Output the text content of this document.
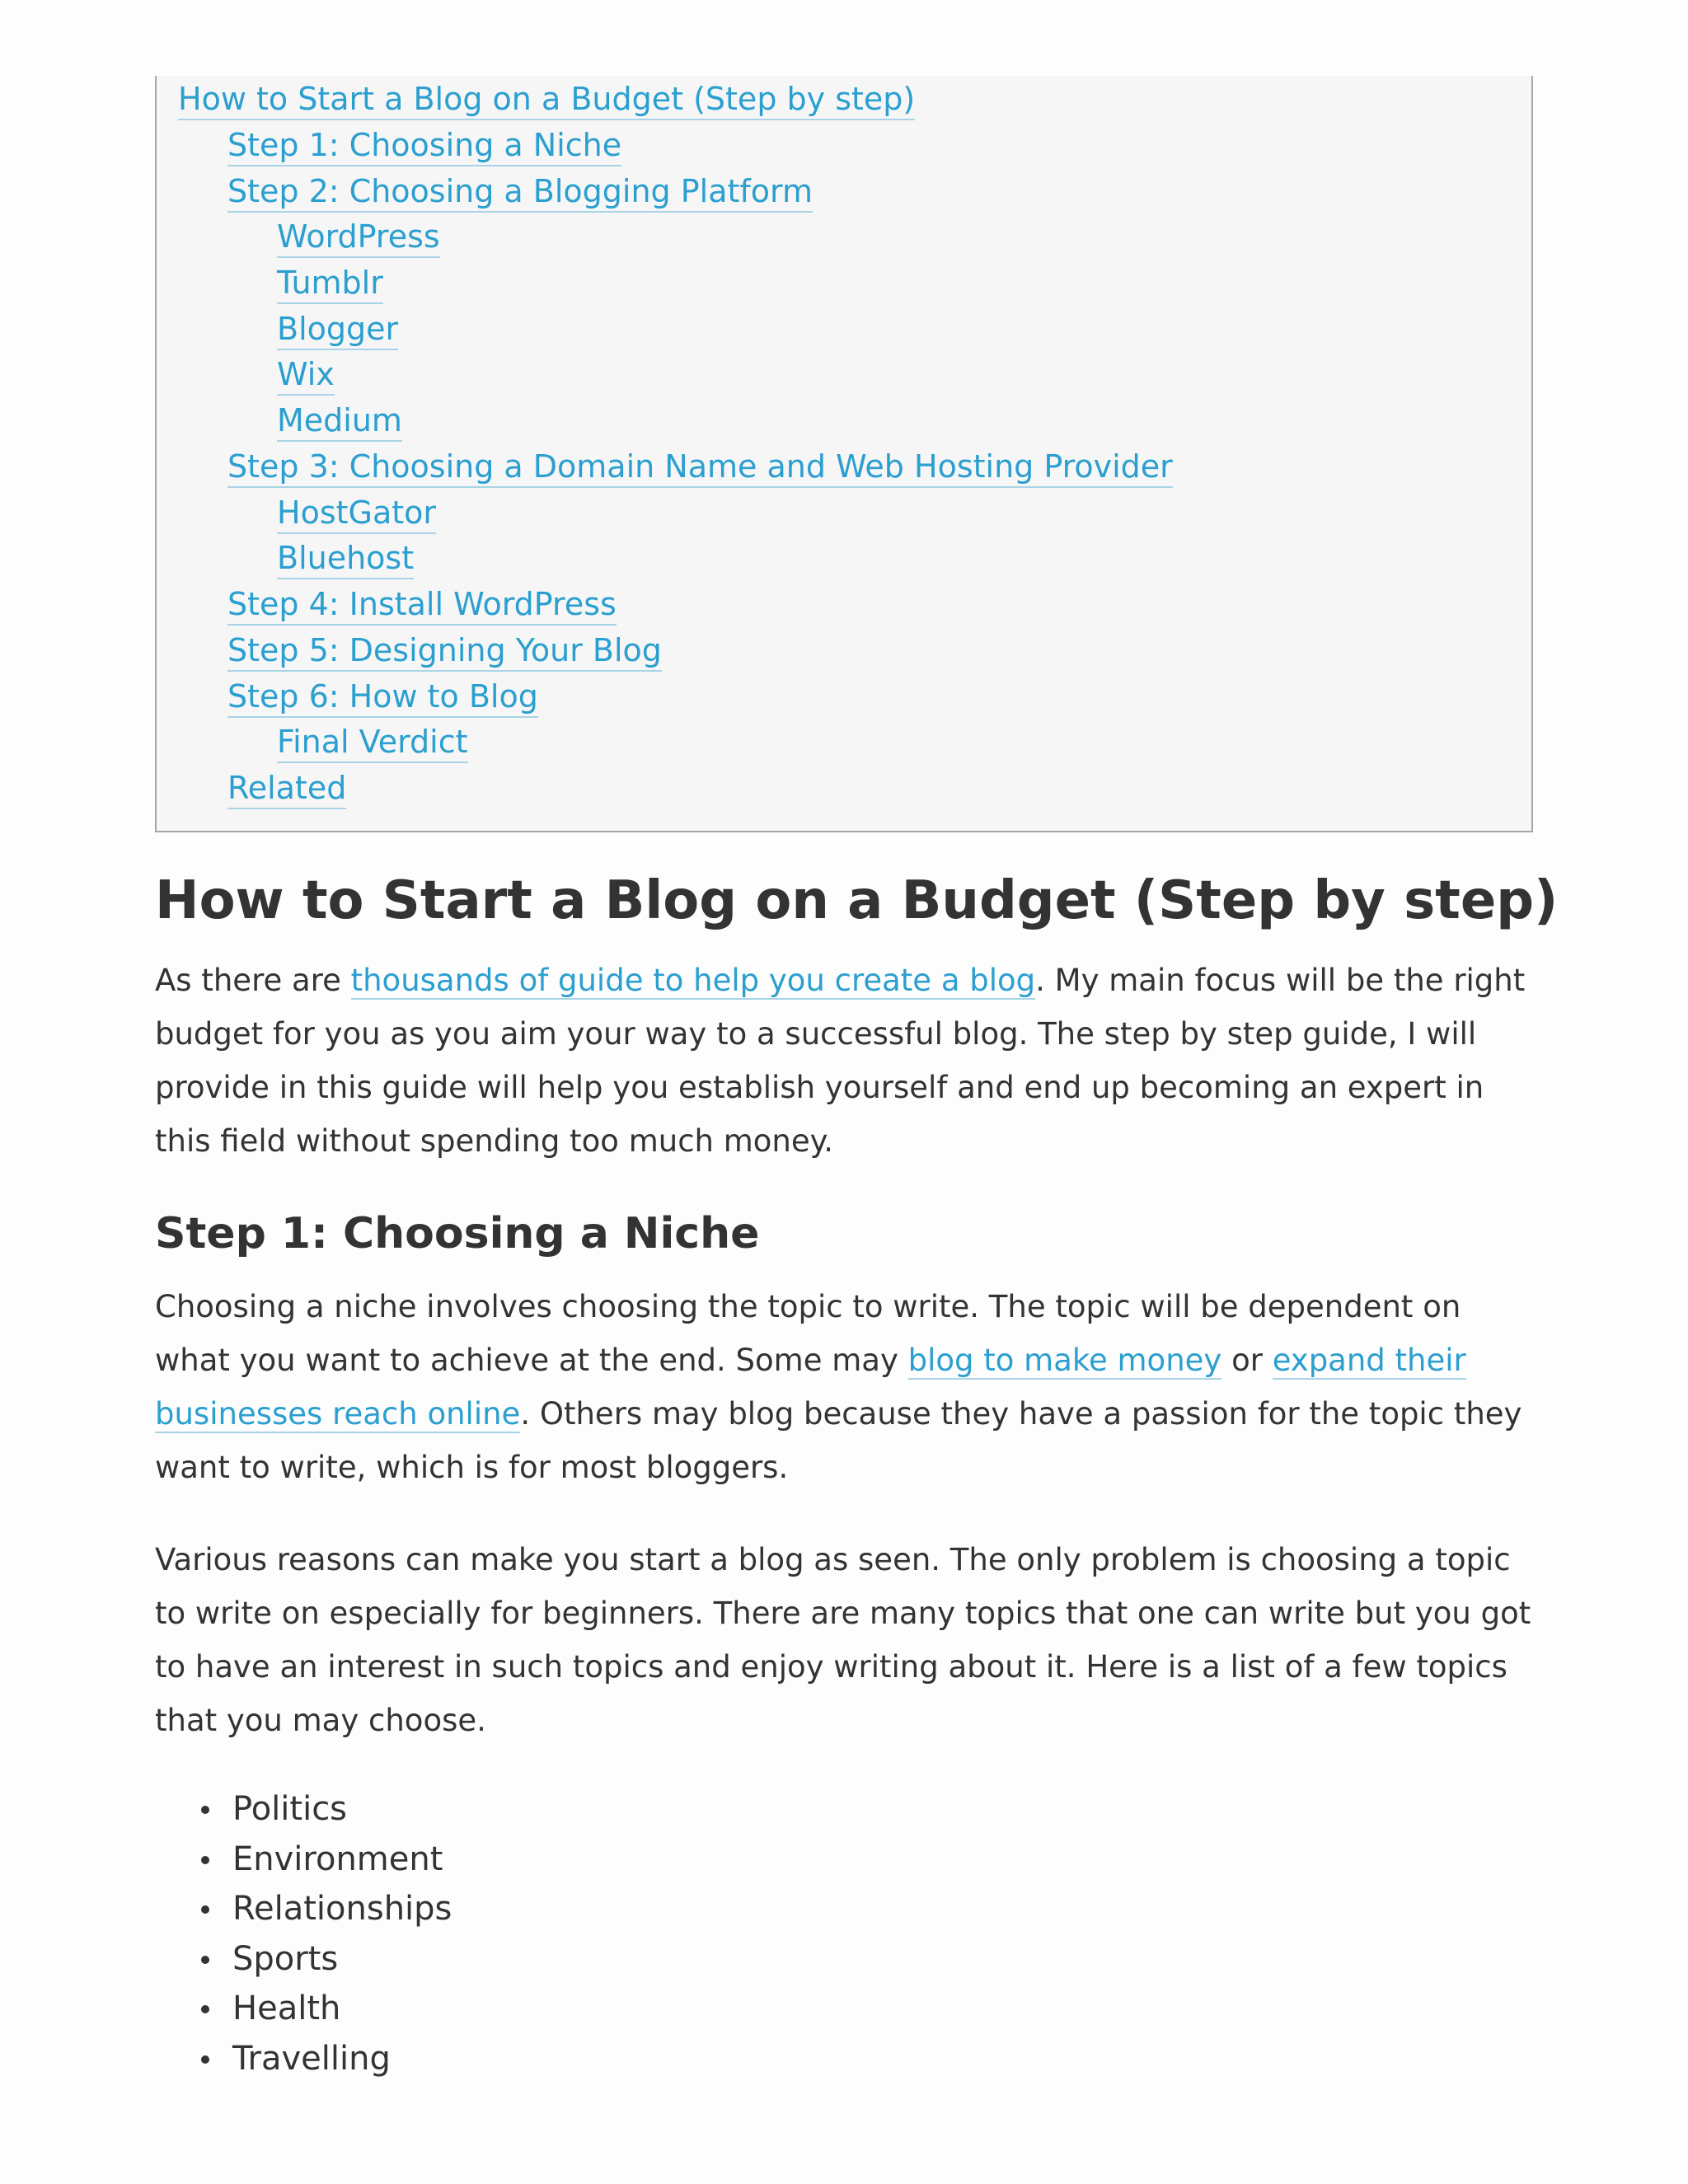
How to Start a Blog on a Budget (Step by step)
Step 1: Choosing a Niche
Step 2: Choosing a Blogging Platform
WordPress
Tumblr
Blogger
Wix
Medium
Step 3: Choosing a Domain Name and Web Hosting Provider
HostGator
Bluehost
Step 4: Install WordPress
Step 5: Designing Your Blog
Step 6: How to Blog
Final Verdict
Related
How to Start a Blog on a Budget (Step by step)

As there are thousands of guide to help you create a blog. My main focus will be the right budget for you as you aim your way to a successful blog. The step by step guide, I will provide in this guide will help you establish yourself and end up becoming an expert in this field without spending too much money.

Step 1: Choosing a Niche

Choosing a niche involves choosing the topic to write. The topic will be dependent on what you want to achieve at the end. Some may blog to make money or expand their businesses reach online. Others may blog because they have a passion for the topic they want to write, which is for most bloggers.

Various reasons can make you start a blog as seen. The only problem is choosing a topic to write on especially for beginners. There are many topics that one can write but you got to have an interest in such topics and enjoy writing about it. Here is a list of a few topics that you may choose.

Politics
Environment
Relationships
Sports
Health
Travelling
